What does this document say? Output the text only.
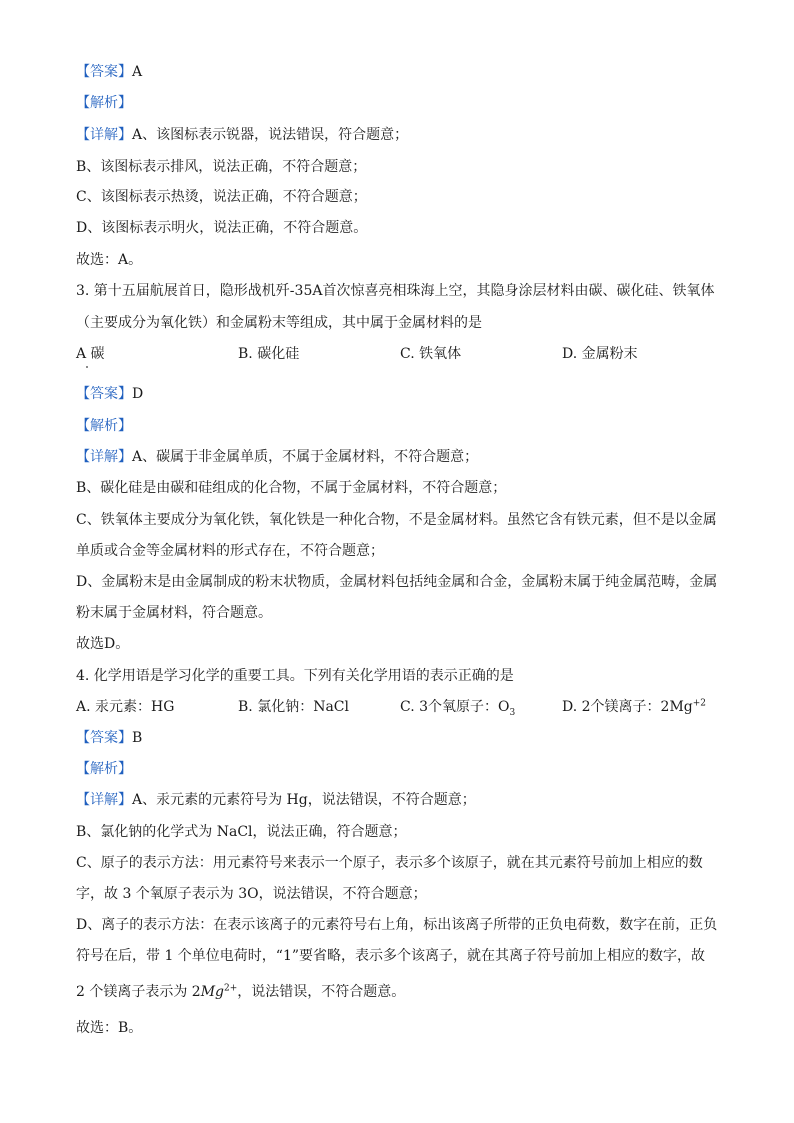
【答案】A
【解析】
【详解】A、该图标表示锐器，说法错误，符合题意；
B、该图标表示排风，说法正确，不符合题意；
C、该图标表示热烫，说法正确，不符合题意；
D、该图标表示明火，说法正确，不符合题意。
故选：A。
3. 第十五届航展首日，隐形战机歼-35A首次惊喜亮相珠海上空，其隐身涂层材料由碳、碳化硅、铁氧体
（主要成分为氧化铁）和金属粉末等组成，其中属于金属材料的是
A 碳	B. 碳化硅	C. 铁氧体	D. 金属粉末
【答案】D
【解析】
【详解】A、碳属于非金属单质，不属于金属材料，不符合题意；
B、碳化硅是由碳和硅组成的化合物，不属于金属材料，不符合题意；
C、铁氧体主要成分为氧化铁，氧化铁是一种化合物，不是金属材料。虽然它含有铁元素，但不是以金属
单质或合金等金属材料的形式存在，不符合题意；
D、金属粉末是由金属制成的粉末状物质，金属材料包括纯金属和合金，金属粉末属于纯金属范畴，金属
粉末属于金属材料，符合题意。
故选D。
4. 化学用语是学习化学的重要工具。下列有关化学用语的表示正确的是
A. 汞元素：HG	B. 氯化钠：NaCl	C. 3个氧原子：$O_3$	D. 2个镁离子：$2Mg^{+2}$
【答案】B
【解析】
【详解】A、汞元素的元素符号为 Hg，说法错误，不符合题意；
B、氯化钠的化学式为 NaCl，说法正确，符合题意；
C、原子的表示方法：用元素符号来表示一个原子，表示多个该原子，就在其元素符号前加上相应的数
字，故 3 个氧原子表示为 3O，说法错误，不符合题意；
D、离子的表示方法：在表示该离子的元素符号右上角，标出该离子所带的正负电荷数，数字在前，正负
符号在后，带 1 个单位电荷时，“1”要省略，表示多个该离子，就在其离子符号前加上相应的数字，故
2 个镁离子表示为 $2Mg^{2+}$，说法错误，不符合题意。
故选：B。
